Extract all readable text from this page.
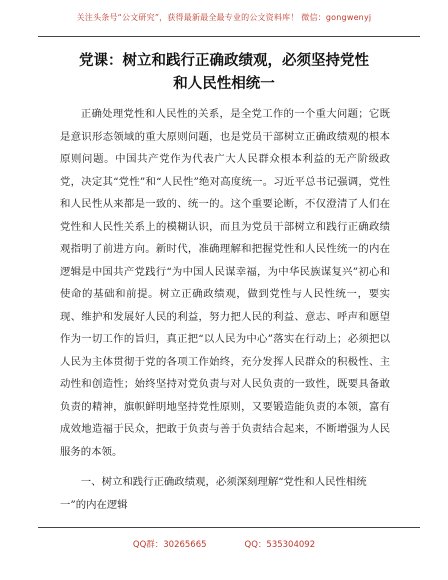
关注头条号“公文研究”，获得最新最全最专业的公文资料库！ 微信：gongwenyj
党课：树立和践行正确政绩观，必须坚持党性
和人民性相统一

正确处理党性和人民性的关系，是全党工作的一个重大问题；它既是意识形态领域的重大原则问题，也是党员干部树立正确政绩观的根本原则问题。中国共产党作为代表广大人民群众根本利益的无产阶级政党，决定其“党性”和“人民性”绝对高度统一。习近平总书记强调，党性和人民性从来都是一致的、统一的。这个重要论断，不仅澄清了人们在党性和人民性关系上的模糊认识，而且为党员干部树立和践行正确政绩观指明了前进方向。新时代，准确理解和把握党性和人民性统一的内在逻辑是中国共产党践行“为中国人民谋幸福，为中华民族谋复兴”初心和使命的基础和前提。树立正确政绩观，做到党性与人民性统一，要实现、维护和发展好人民的利益，努力把人民的利益、意志、呼声和愿望作为一切工作的旨归，真正把“以人民为中心”落实在行动上；必须把以人民为主体贯彻于党的各项工作始终，充分发挥人民群众的积极性、主动性和创造性；始终坚持对党负责与对人民负责的一致性，既要具备敢负责的精神，旗帜鲜明地坚持党性原则，又要锻造能负责的本领，富有成效地造福于民众，把敢于负责与善于负责结合起来，不断增强为人民服务的本领。

一、树立和践行正确政绩观，必须深刻理解“党性和人民性相统一”的内在逻辑

QQ群：30265665	QQ：535304092
